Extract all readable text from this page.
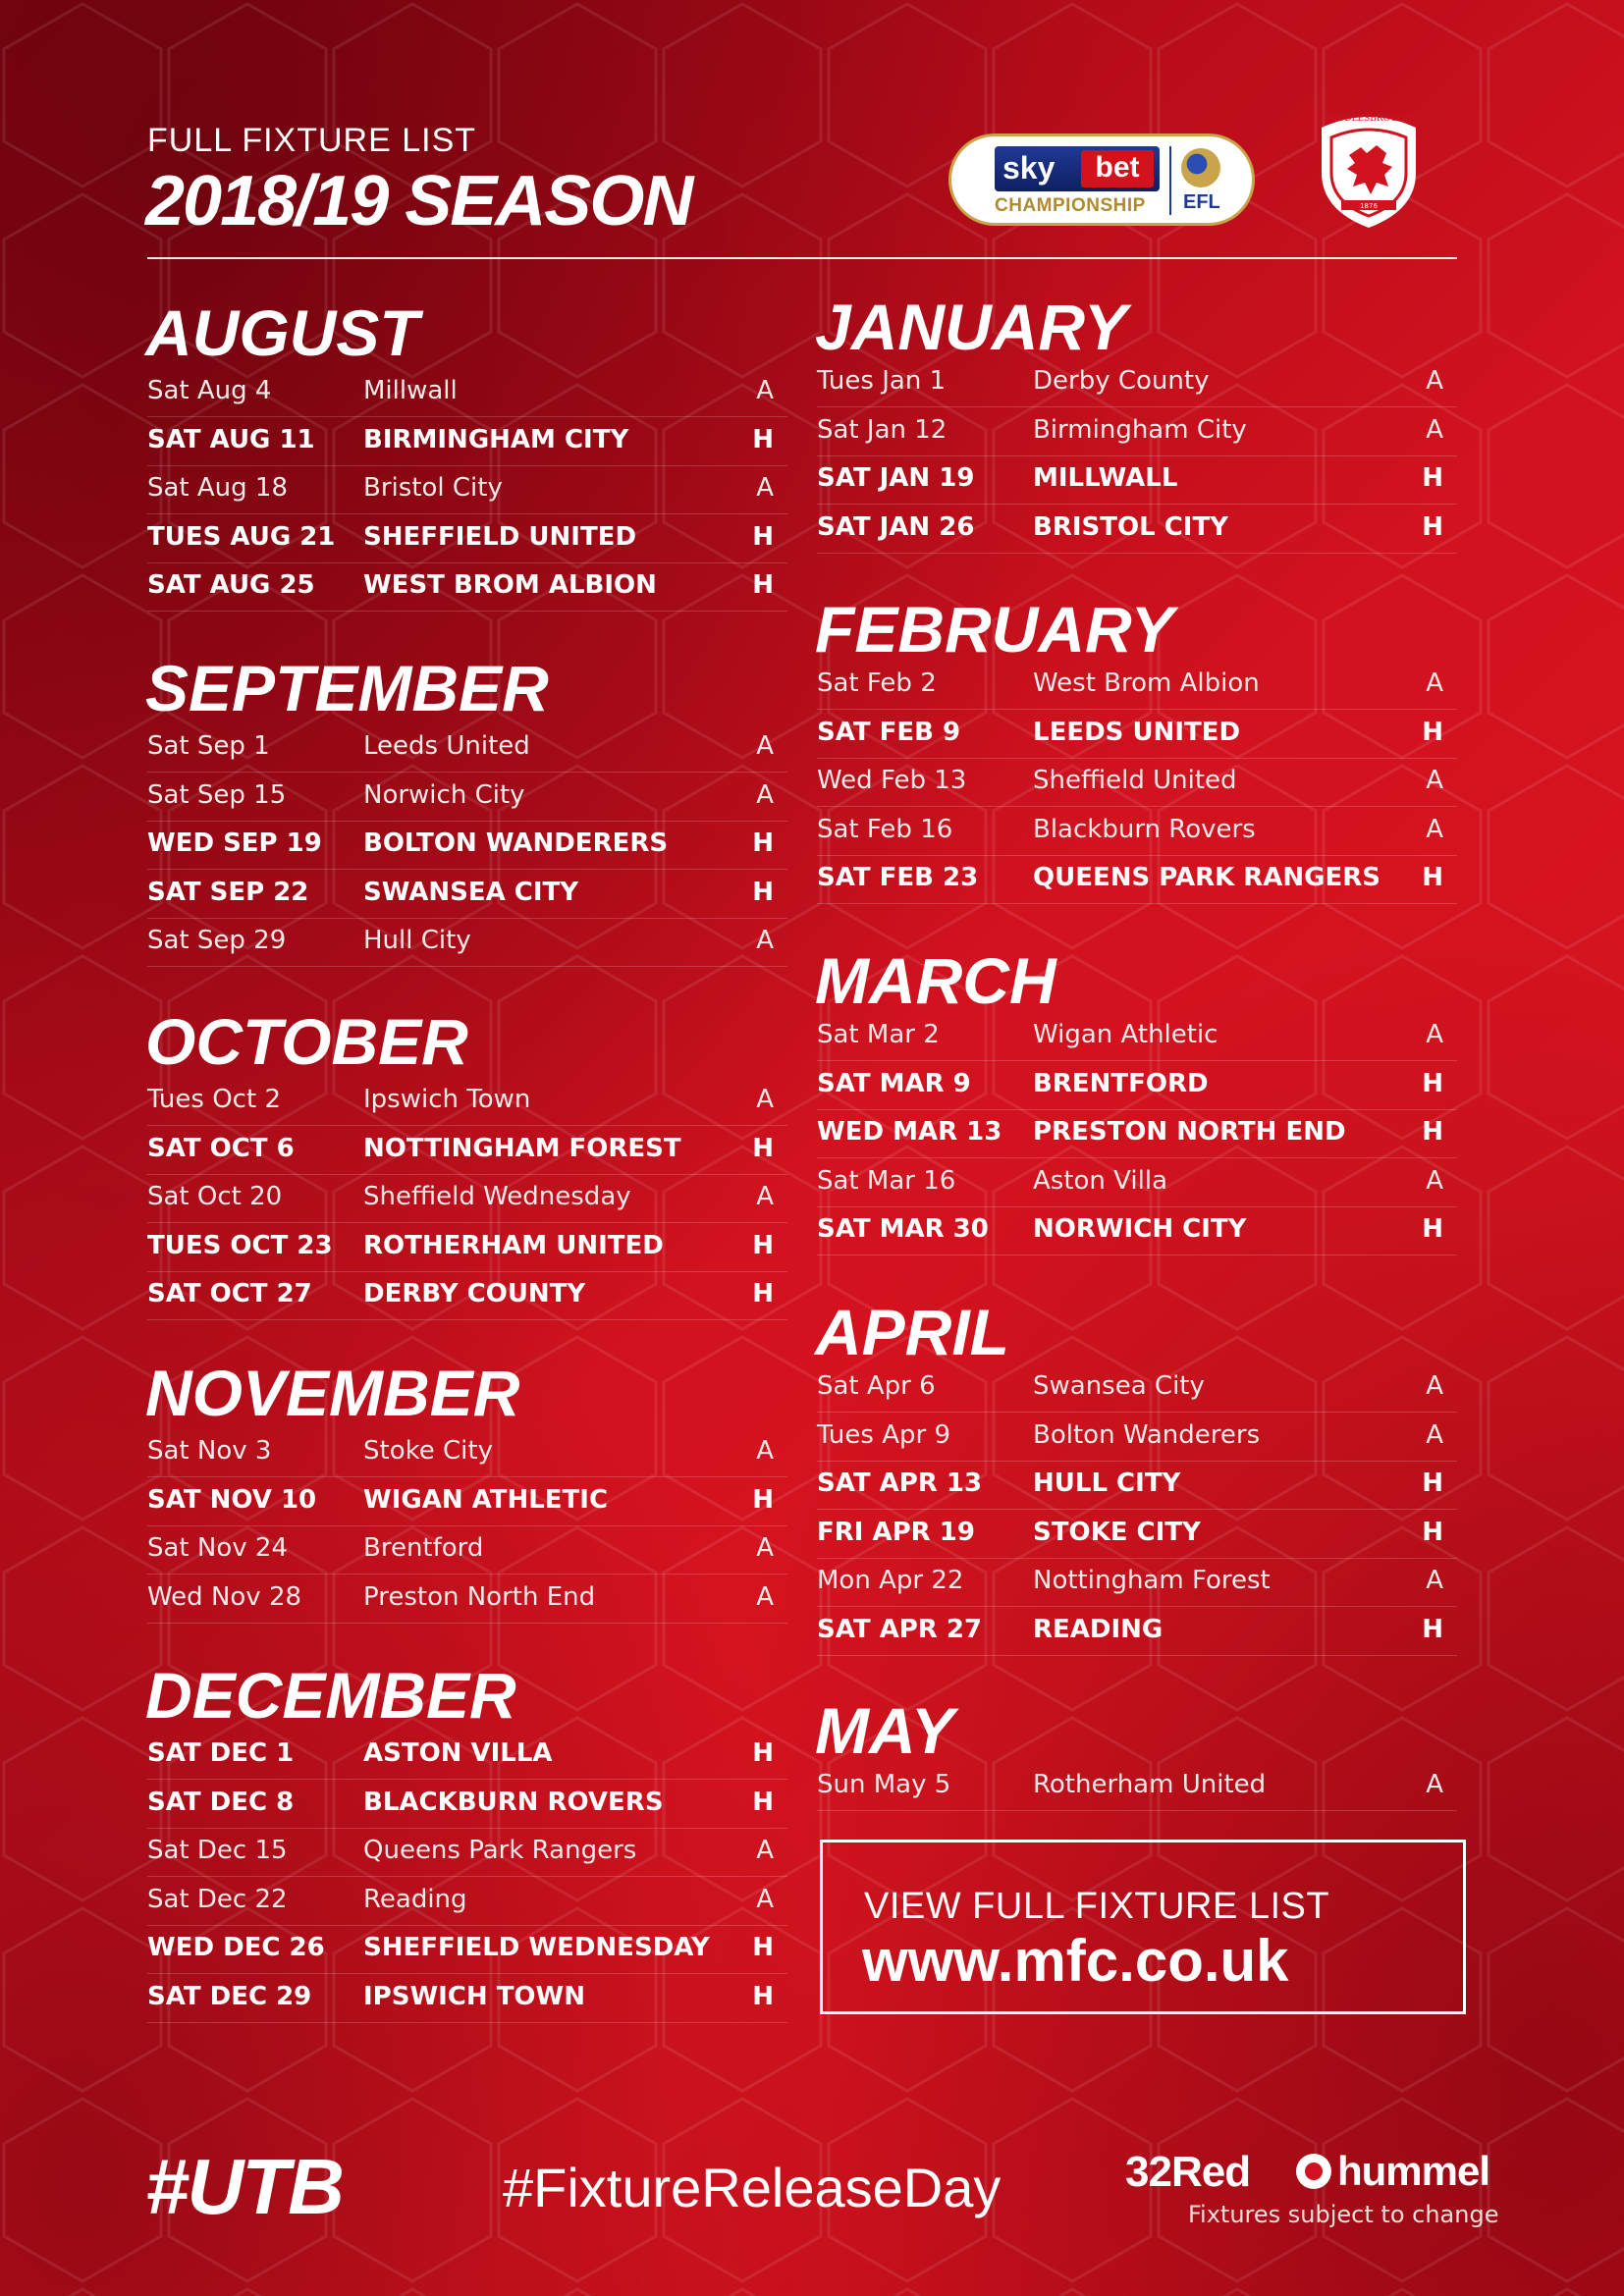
FULL FIXTURE LIST
2018/19 SEASON	sky	bet
CHAMPIONSHIP EFL
MIDDLESBROUGH
1876
AUGUST
Sat Aug 4	Millwall	A
SAT AUG 11 BIRMINGHAM CITY	H
Sat Aug 18	Bristol City	A
TUES AUG 21 SHEFFIELD UNITED	H
SAT AUG 25 WEST BROM ALBION	H
SEPTEMBER
Sat Sep 1	Leeds United	A
Sat Sep 15	Norwich City	A
WED SEP 19 BOLTON WANDERERS	H
SAT SEP 22 SWANSEA CITY	H
Sat Sep 29	Hull City	A
OCTOBER
Tues Oct 2	Ipswich Town	A
SAT OCT 6	NOTTINGHAM FOREST	H
Sat Oct 20	Sheffield Wednesday	A
TUES OCT 23 ROTHERHAM UNITED	H
SAT OCT 27 DERBY COUNTY	H
NOVEMBER
Sat Nov 3	Stoke City	A
SAT NOV 10 WIGAN ATHLETIC	H
Sat Nov 24	Brentford	A
Wed Nov 28 Preston North End	A
DECEMBER
SAT DEC 1	ASTON VILLA	H
SAT DEC 8	BLACKBURN ROVERS	H
Sat Dec 15	Queens Park Rangers	A
Sat Dec 22	Reading	A
WED DEC 26 SHEFFIELD WEDNESDAY H
SAT DEC 29 IPSWICH TOWN	H
JANUARY
Tues Jan 1	Derby County	A
Sat Jan 12	Birmingham City	A
SAT JAN 19 MILLWALL	H
SAT JAN 26 BRISTOL CITY	H
FEBRUARY
Sat Feb 2	West Brom Albion	A
SAT FEB 9	LEEDS UNITED	H
Wed Feb 13	Sheffield United	A
Sat Feb 16	Blackburn Rovers	A
SAT FEB 23 QUEENS PARK RANGERS H
MARCH
Sat Mar 2	Wigan Athletic	A
SAT MAR 9 BRENTFORD	H
WED MAR 13 PRESTON NORTH END	H
Sat Mar 16	Aston Villa	A
SAT MAR 30 NORWICH CITY	H
APRIL
Sat Apr 6	Swansea City	A
Tues Apr 9	Bolton Wanderers	A
SAT APR 13 HULL CITY	H
FRI APR 19 STOKE CITY	H
Mon Apr 22	Nottingham Forest	A
SAT APR 27 READING	H
MAY
Sun May 5	Rotherham United	A
VIEW FULL FIXTURE LIST
www.mfc.co.uk
#UTB	#FixtureReleaseDay	32Red	hummel
Fixtures subject to change
